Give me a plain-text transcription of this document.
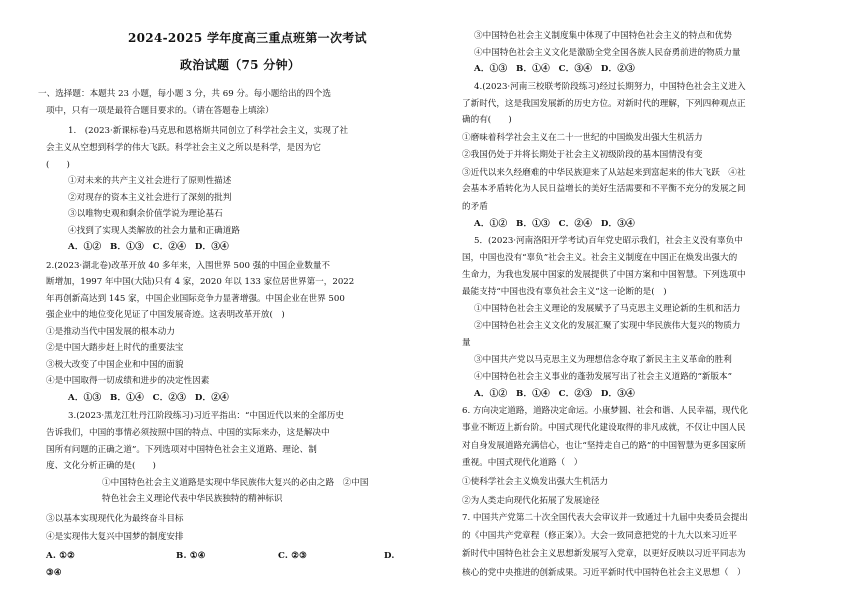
2024-2025 学年度高三重点班第一次考试
政治试题（75 分钟）
一、选择题：本题共 23 小题，每小题 3 分，共 69 分。每小题给出的四个选
项中，只有一项是最符合题目要求的。（请在答题卷上填涂）
1.　(2023·新课标卷)马克思和恩格斯共同创立了科学社会主义，实现了社
会主义从空想到科学的伟大飞跃。科学社会主义之所以是科学，是因为它
(　　)
①对未来的共产主义社会进行了原则性描述
②对现存的资本主义社会进行了深刻的批判
③以唯物史观和剩余价值学说为理论基石
④找到了实现人类解放的社会力量和正确道路
A．①②　B．①③　C．②④　D．③④
2.(2023·湖北卷)改革开放 40 多年来，入围世界 500 强的中国企业数量不
断增加，1997 年中国(大陆)只有 4 家，2020 年以 133 家位居世界第一，2022
年再创新高达到 145 家，中国企业国际竞争力显著增强。中国企业在世界 500
强企业中的地位变化见证了中国发展奇迹。这表明改革开放(　)
①是推动当代中国发展的根本动力
②是中国大踏步赶上时代的重要法宝
③极大改变了中国企业和中国的面貌
④是中国取得一切成绩和进步的决定性因素
A．①③　B．①④　C．②③　D．②④
3.(2023·黑龙江牡丹江阶段练习)习近平指出：“中国近代以来的全部历史
告诉我们，中国的事情必须按照中国的特点、中国的实际来办，这是解决中
国所有问题的正确之道”。下列选项对中国特色社会主义道路、理论、制
度、文化分析正确的是(　　)
①中国特色社会主义道路是实现中华民族伟大复兴的必由之路　②中国
特色社会主义理论代表中华民族独特的精神标识
③以基本实现现代化为最终奋斗目标
④是实现伟大复兴中国梦的制度安排
A. ①②	B. ①④	C. ②③	D.
③④
③中国特色社会主义制度集中体现了中国特色社会主义的特点和优势
④中国特色社会主义文化是激励全党全国各族人民奋勇前进的物质力量
A．①③　B．①④　C．③④　D．②③
4.(2023·河南三校联考阶段练习)经过长期努力，中国特色社会主义进入
了新时代，这是我国发展新的历史方位。对新时代的理解，下列四种观点正
确的有(　　)
①磨味着科学社会主义在二十一世纪的中国焕发出强大生机活力
②我国仍处于并将长期处于社会主义初级阶段的基本国情没有变
③近代以来久经磨难的中华民族迎来了从站起来到富起来的伟大飞跃　④社
会基本矛盾转化为人民日益增长的美好生活需要和不平衡不充分的发展之间
的矛盾
A．①②　B．①③　C．②④　D．③④
5．(2023·河南洛阳开学考试)百年党史昭示我们，社会主义没有辜负中
国，中国也没有“辜负”社会主义。社会主义制度在中国正在焕发出强大的
生命力，为我也发展中国家的发展提供了中国方案和中国智慧。下列选项中
最能支持“中国也没有辜负社会主义”这一论断的是(　)
①中国特色社会主义理论的发展赋予了马克思主义理论新的生机和活力
②中国特色社会主义文化的发展汇聚了实现中华民族伟大复兴的物质力
量
③中国共产党以马克思主义为理想信念夺取了新民主主义革命的胜利
④中国特色社会主义事业的蓬勃发展写出了社会主义道路的“新版本”
A．①②　B．①④　C．②③　D．③④
6. 方向决定道路，道路决定命运。小康梦圆、社会和谐、人民幸福，现代化
事业不断迈上新台阶。中国式现代化建设取得的非凡成就，不仅让中国人民
对自身发展道路充满信心，也让“坚持走自己的路”的中国智慧为更多国家所
重视。中国式现代化道路（　）
①使科学社会主义焕发出强大生机活力
②为人类走向现代化拓展了发展途径
7. 中国共产党第二十次全国代表大会审议并一致通过十九届中央委员会提出
的《中国共产党章程（修正案）》。大会一致同意把党的十九大以来习近平
新时代中国特色社会主义思想新发展写入党章，以更好反映以习近平同志为
核心的党中央推进的创新成果。习近平新时代中国特色社会主义思想（　）
